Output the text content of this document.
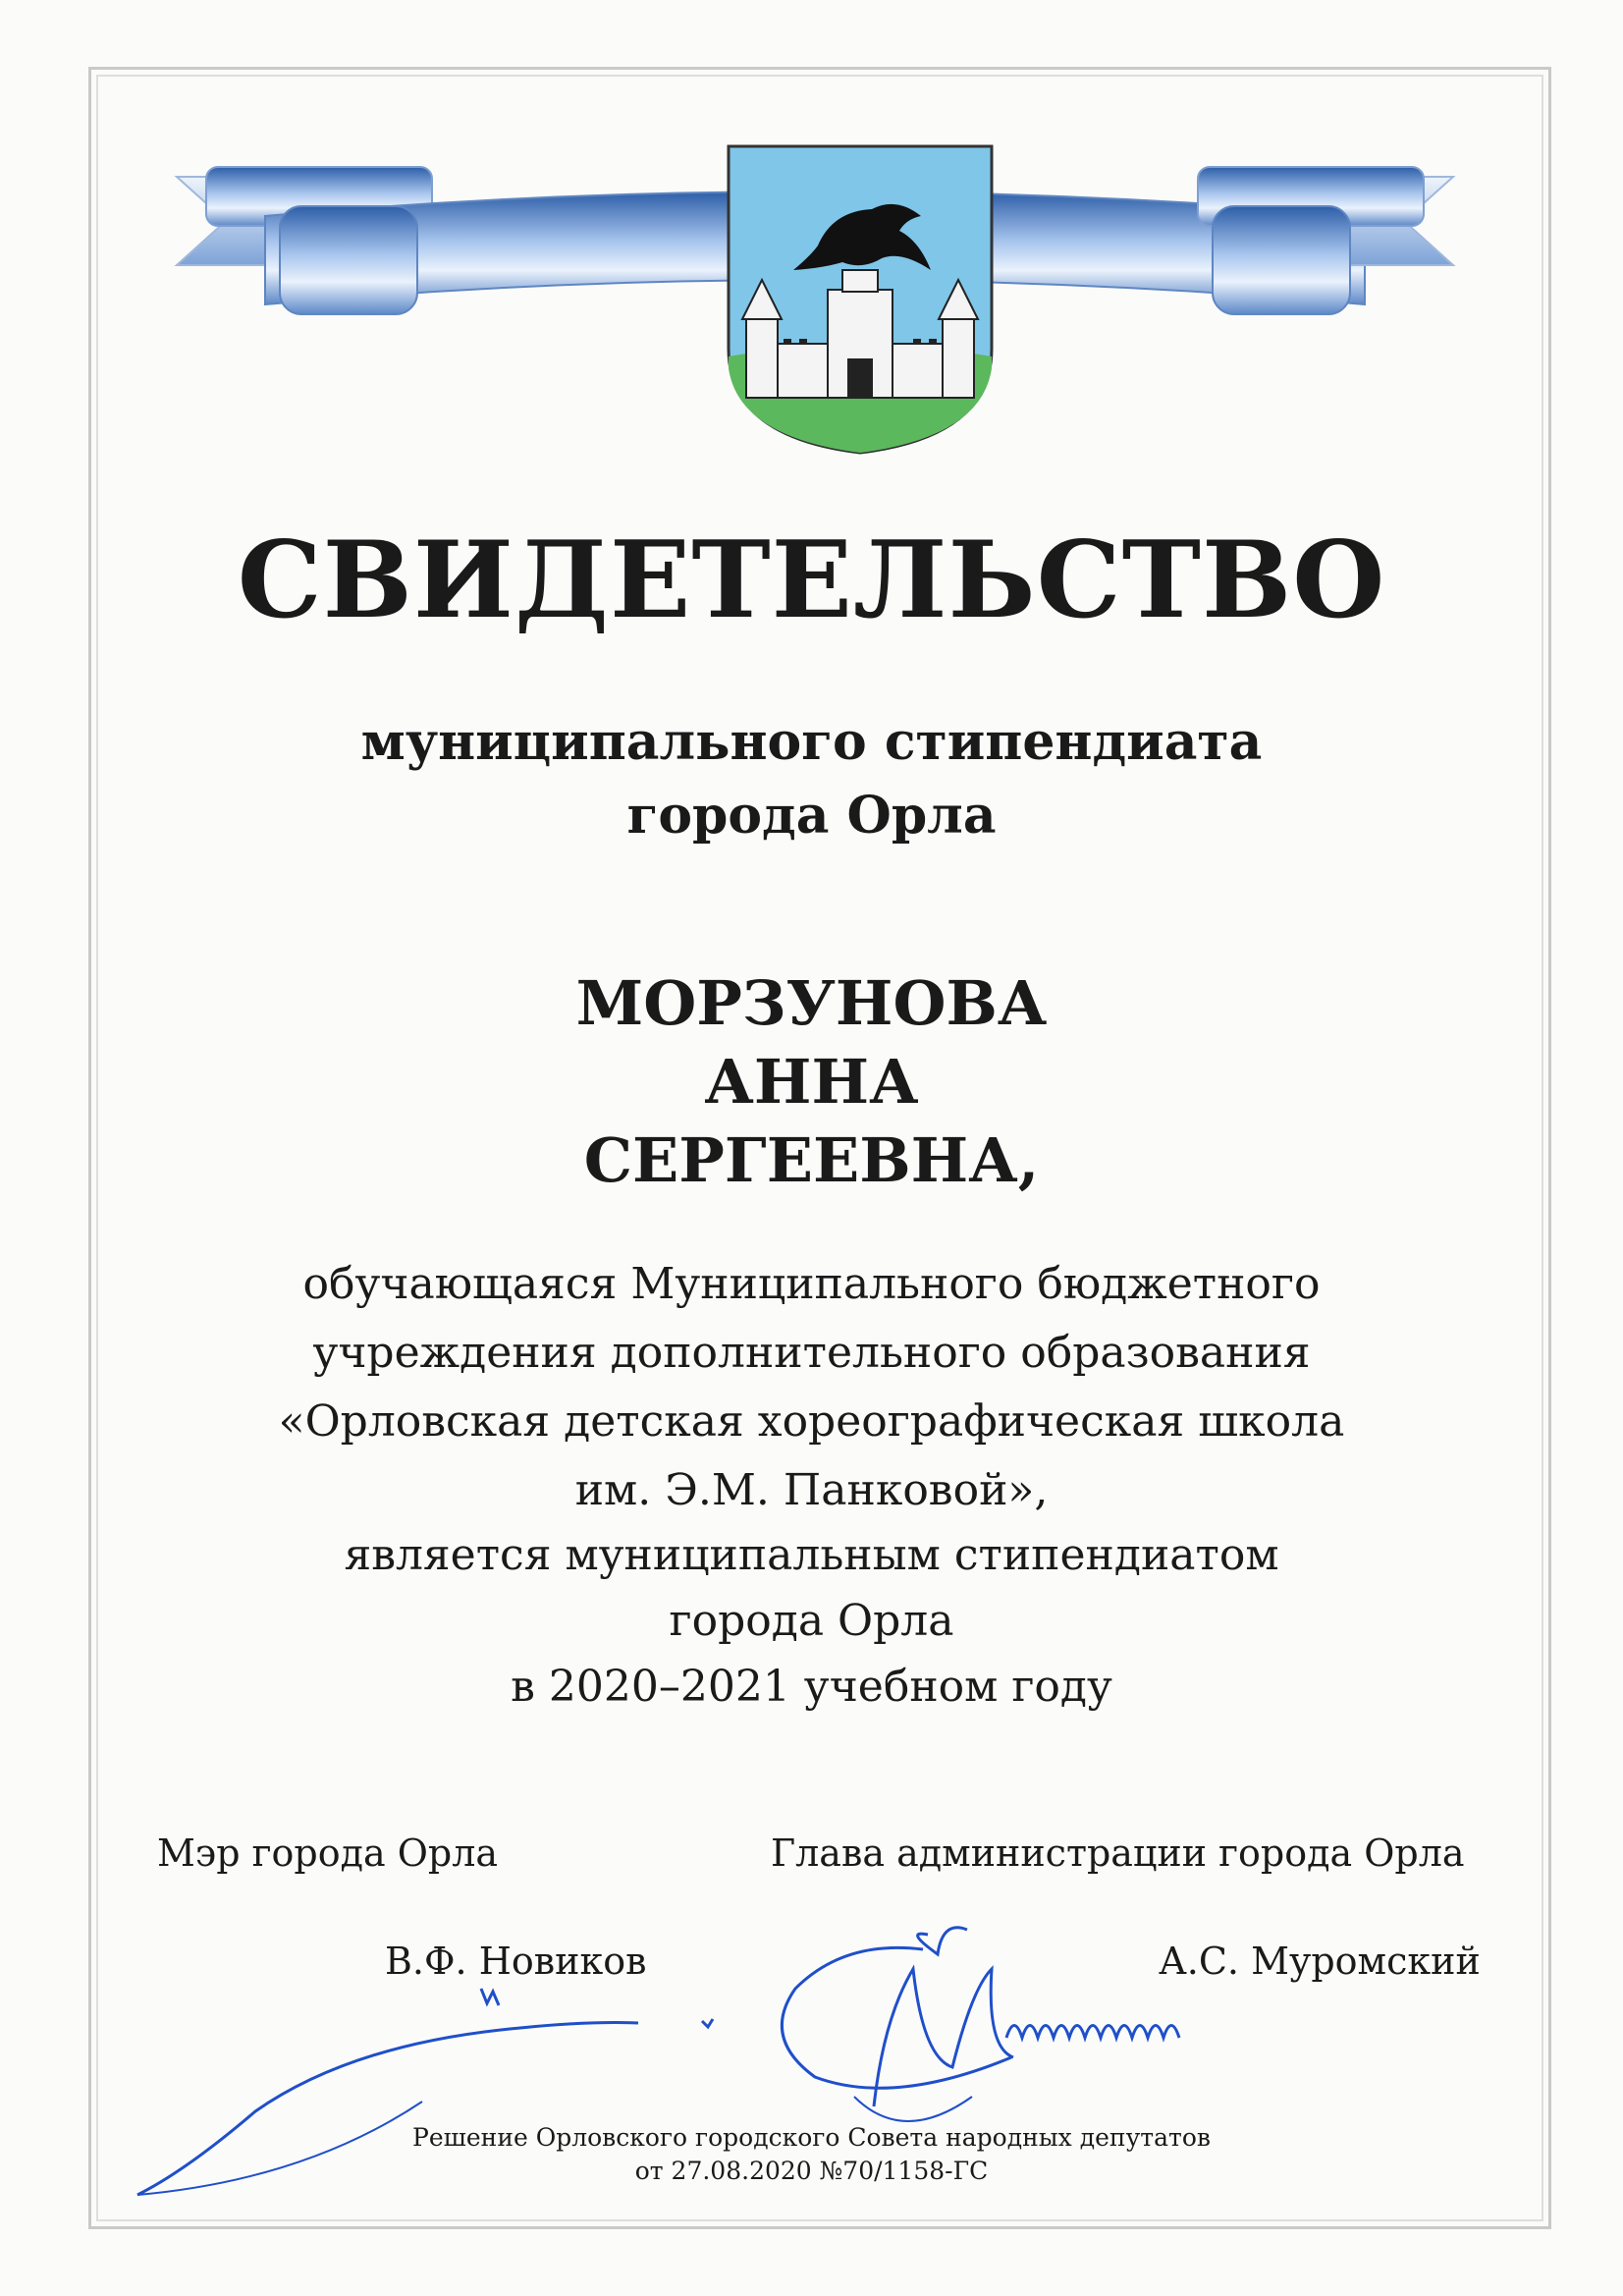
СВИДЕТЕЛЬСТВО
муниципального стипендиата
города Орла
МОРЗУНОВА
АННА
СЕРГЕЕВНА,
обучающаяся Муниципального бюджетного
учреждения дополнительного образования
«Орловская детская хореографическая школа
им. Э.М. Панковой»,
является муниципальным стипендиатом
города Орла
в 2020–2021 учебном году
Мэр города Орла	Глава администрации города Орла
В.Ф. Новиков	А.С. Муромский
Решение Орловского городского Совета народных депутатов
от 27.08.2020 №70/1158-ГС
